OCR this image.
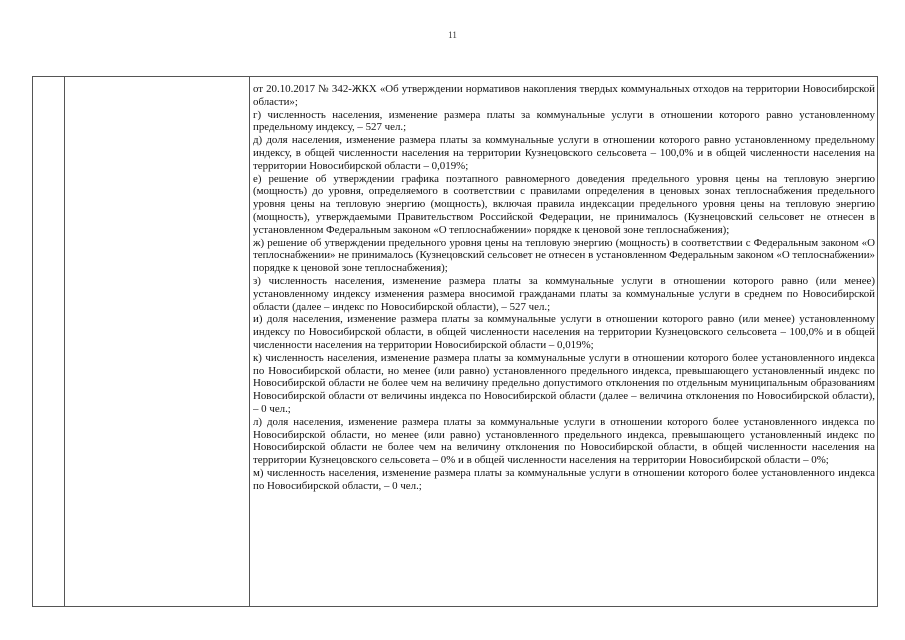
11

от 20.10.2017 № 342-ЖКХ «Об утверждении нормативов накопления твердых коммунальных отходов на территории Новосибирской области»;

г) численность населения, изменение размера платы за коммунальные услуги в отношении которого равно установленному предельному индексу, – 527 чел.;

д) доля населения, изменение размера платы за коммунальные услуги в отношении которого равно установленному предельному индексу, в общей численности населения на территории Кузнецовского сельсовета – 100,0% и в общей численности населения на территории Новосибирской области – 0,019%;

е) решение об утверждении графика поэтапного равномерного доведения предельного уровня цены на тепловую энергию (мощность) до уровня, определяемого в соответствии с правилами определения в ценовых зонах теплоснабжения предельного уровня цены на тепловую энергию (мощность), включая правила индексации предельного уровня цены на тепловую энергию (мощность), утверждаемыми Правительством Российской Федерации, не принималось (Кузнецовский сельсовет не отнесен в установленном Федеральным законом «О теплоснабжении» порядке к ценовой зоне теплоснабжения);

ж) решение об утверждении предельного уровня цены на тепловую энергию (мощность) в соответствии с Федеральным законом «О теплоснабжении» не принималось (Кузнецовский сельсовет не отнесен в установленном Федеральным законом «О теплоснабжении» порядке к ценовой зоне теплоснабжения);

з) численность населения, изменение размера платы за коммунальные услуги в отношении которого равно (или менее) установленному индексу изменения размера вносимой гражданами платы за коммунальные услуги в среднем по Новосибирской области (далее – индекс по Новосибирской области), – 527 чел.;

и) доля населения, изменение размера платы за коммунальные услуги в отношении которого равно (или менее) установленному индексу по Новосибирской области, в общей численности населения на территории Кузнецовского сельсовета – 100,0% и в общей численности населения на территории Новосибирской области – 0,019%;

к) численность населения, изменение размера платы за коммунальные услуги в отношении которого более установленного индекса по Новосибирской области, но менее (или равно) установленного предельного индекса, превышающего установленный индекс по Новосибирской области не более чем на величину предельно допустимого отклонения по отдельным муниципальным образованиям Новосибирской области от величины индекса по Новосибирской области (далее – величина отклонения по Новосибирской области), – 0 чел.;

л) доля населения, изменение размера платы за коммунальные услуги в отношении которого более установленного индекса по Новосибирской области, но менее (или равно) установленного предельного индекса, превышающего установленный индекс по Новосибирской области не более чем на величину отклонения по Новосибирской области, в общей численности населения на территории Кузнецовского сельсовета – 0% и в общей численности населения на территории Новосибирской области – 0%;

м) численность населения, изменение размера платы за коммунальные услуги в отношении которого более установленного индекса по Новосибирской области, – 0 чел.;
